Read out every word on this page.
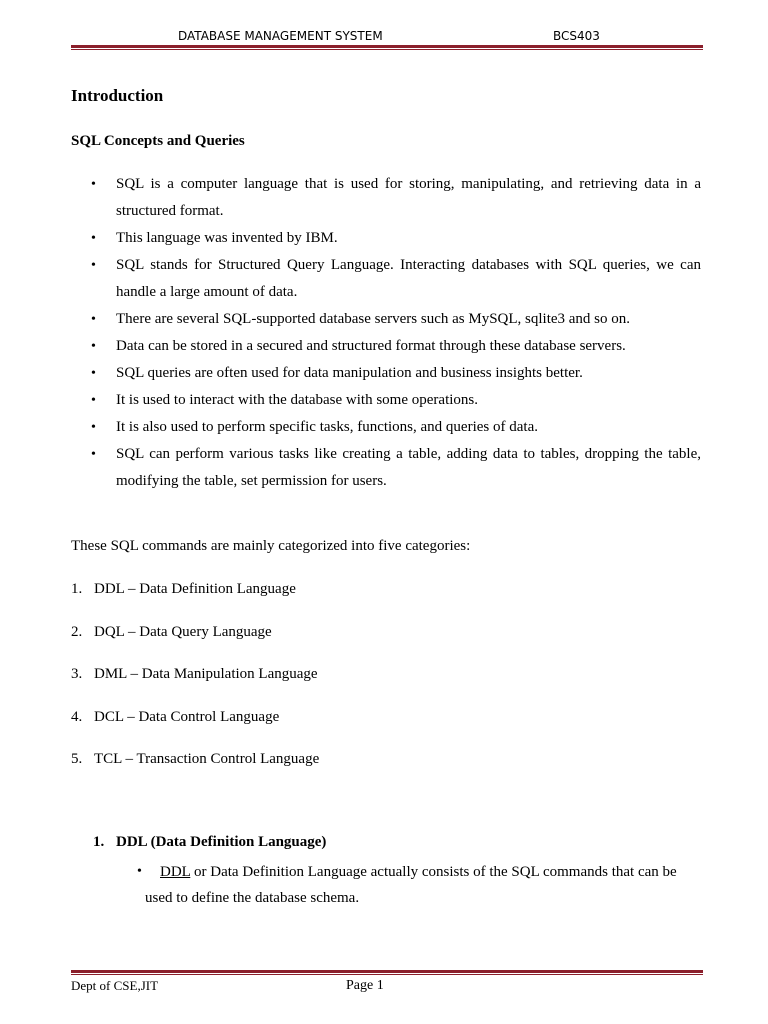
DATABASE MANAGEMENT SYSTEM	BCS403
Introduction
SQL Concepts and Queries
• SQL is a computer language that is used for storing, manipulating, and retrieving data in a structured format.
• This language was invented by IBM.
• SQL stands for Structured Query Language. Interacting databases with SQL queries, we can handle a large amount of data.
• There are several SQL-supported database servers such as MySQL, sqlite3 and so on.
• Data can be stored in a secured and structured format through these database servers.
• SQL queries are often used for data manipulation and business insights better.
• It is used to interact with the database with some operations.
• It is also used to perform specific tasks, functions, and queries of data.
• SQL can perform various tasks like creating a table, adding data to tables, dropping the table, modifying the table, set permission for users.
These SQL commands are mainly categorized into five categories:
1. DDL – Data Definition Language
2. DQL – Data Query Language
3. DML – Data Manipulation Language
4. DCL – Data Control Language
5. TCL – Transaction Control Language
1. DDL (Data Definition Language)
•	DDL or Data Definition Language actually consists of the SQL commands that can be used to define the database schema.
Dept of CSE,JIT	Page 1
